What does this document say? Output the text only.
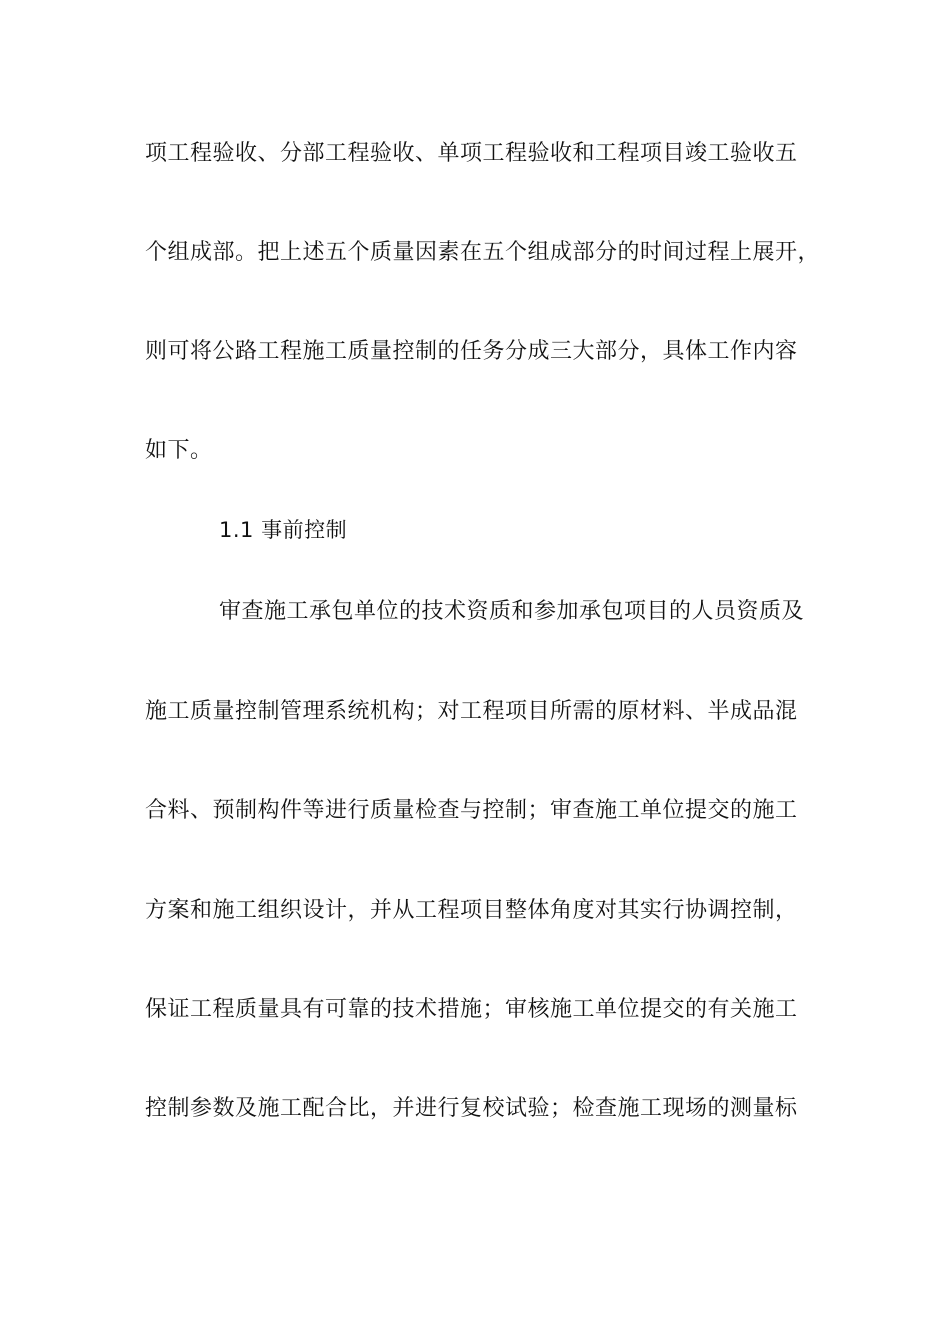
项工程验收、分部工程验收、单项工程验收和工程项目竣工验收五
个组成部。把上述五个质量因素在五个组成部分的时间过程上展开，
则可将公路工程施工质量控制的任务分成三大部分，具体工作内容
如下。
1.1 事前控制
审查施工承包单位的技术资质和参加承包项目的人员资质及
施工质量控制管理系统机构；对工程项目所需的原材料、半成品混
合料、预制构件等进行质量检查与控制；审查施工单位提交的施工
方案和施工组织设计，并从工程项目整体角度对其实行协调控制，
保证工程质量具有可靠的技术措施；审核施工单位提交的有关施工
控制参数及施工配合比，并进行复校试验；检查施工现场的测量标
